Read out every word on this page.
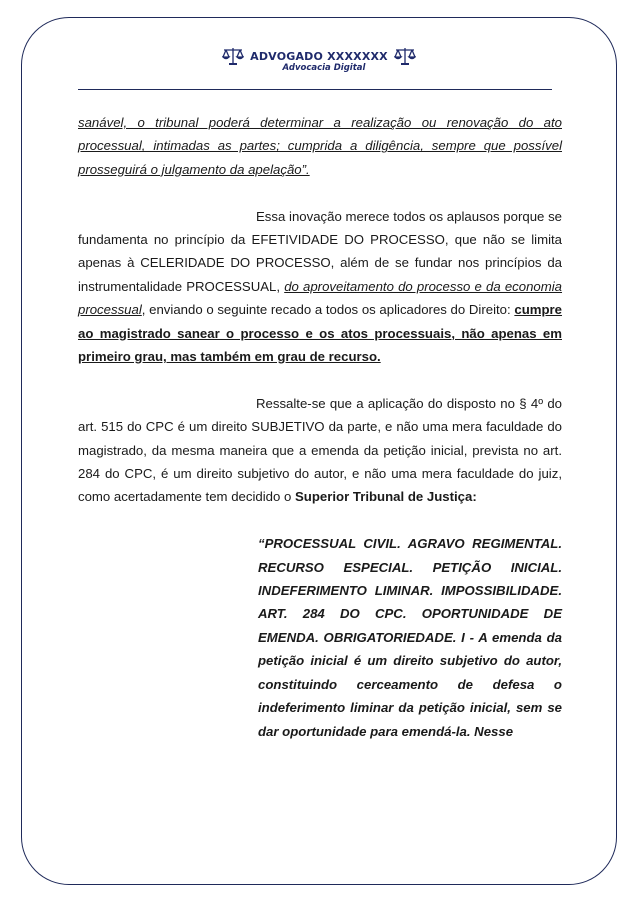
ADVOGADO XXXXXXX
Advocacia Digital

sanável, o tribunal poderá determinar a realização ou renovação do ato processual, intimadas as partes; cumprida a diligência, sempre que possível prosseguirá o julgamento da apelação”.

Essa inovação merece todos os aplausos porque se fundamenta no princípio da EFETIVIDADE DO PROCESSO, que não se limita apenas à CELERIDADE DO PROCESSO, além de se fundar nos princípios da instrumentalidade PROCESSUAL, do aproveitamento do processo e da economia processual, enviando o seguinte recado a todos os aplicadores do Direito: cumpre ao magistrado sanear o processo e os atos processuais, não apenas em primeiro grau, mas também em grau de recurso.

Ressalte-se que a aplicação do disposto no § 4º do art. 515 do CPC é um direito SUBJETIVO da parte, e não uma mera faculdade do magistrado, da mesma maneira que a emenda da petição inicial, prevista no art. 284 do CPC, é um direito subjetivo do autor, e não uma mera faculdade do juiz, como acertadamente tem decidido o Superior Tribunal de Justiça:

“PROCESSUAL CIVIL. AGRAVO REGIMENTAL. RECURSO ESPECIAL. PETIÇÃO INICIAL. INDEFERIMENTO LIMINAR. IMPOSSIBILIDADE. ART. 284 DO CPC. OPORTUNIDADE DE EMENDA. OBRIGATORIEDADE. I - A emenda da petição inicial é um direito subjetivo do autor, constituindo cerceamento de defesa o indeferimento liminar da petição inicial, sem se dar oportunidade para emendá-la. Nesse
